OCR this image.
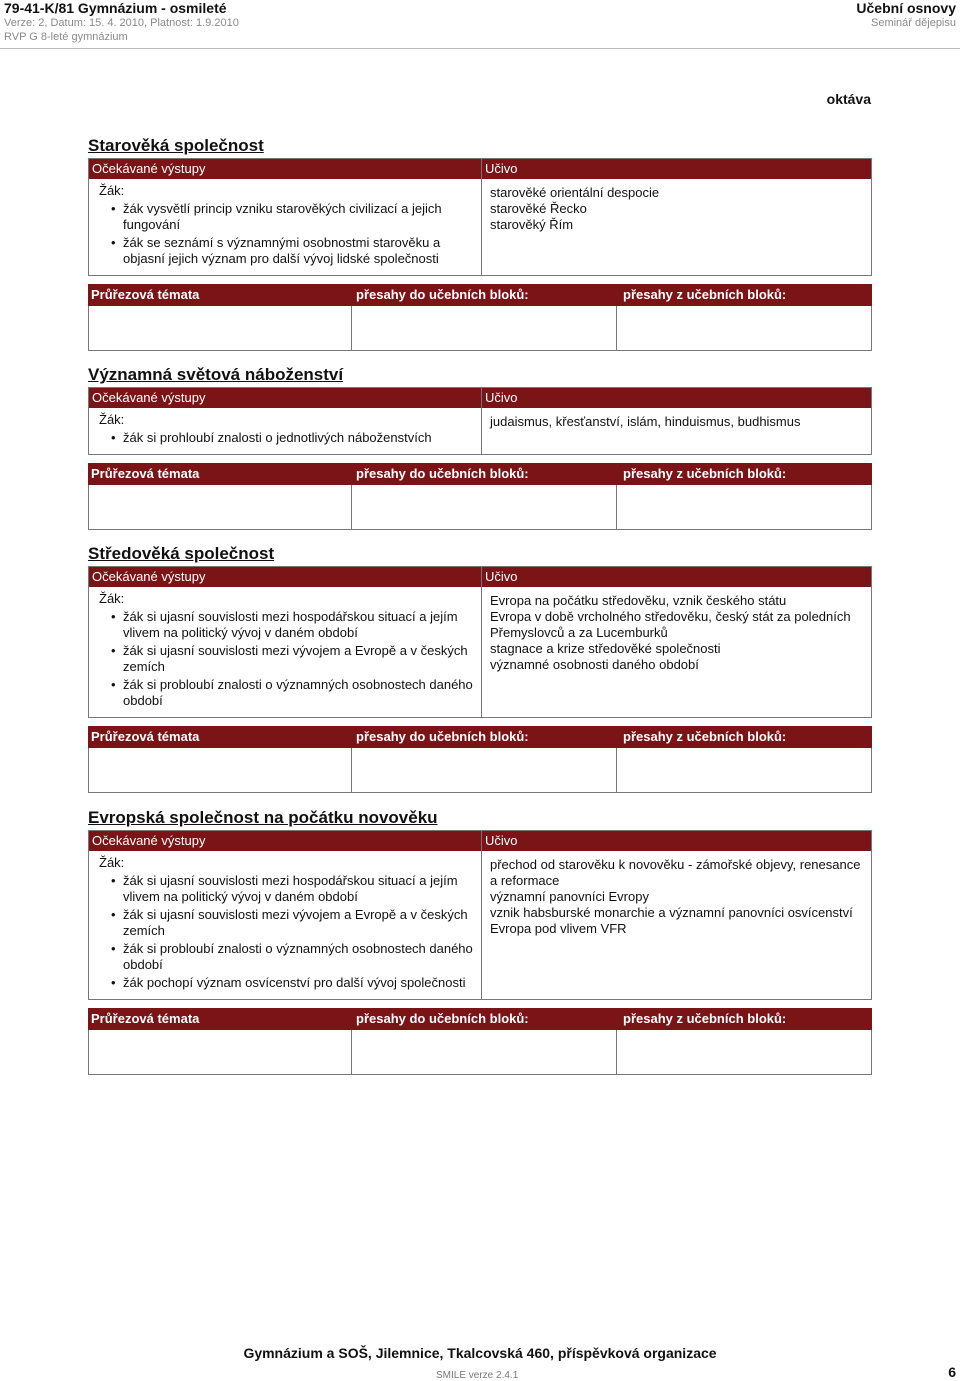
79-41-K/81 Gymnázium - osmileté
Verze: 2, Datum: 15. 4. 2010, Platnost: 1.9.2010
RVP G 8-leté gymnázium
Učební osnovy
Seminář dějepisu
oktáva
Starověká společnost
Očekávané výstupy
Žák:
• žák vysvětlí princip vzniku starověkých civilizací a jejich fungování
• žák se seznámí s významnými osobnostmi starověku a objasní jejich význam pro další vývoj lidské společnosti
Učivo
starověké orientální despocie
starověké Řecko
starověký Řím
Průřezová témata	přesahy do učebních bloků:	přesahy z učebních bloků:
Významná světová náboženství
Očekávané výstupy
Žák:
• žák si prohloubí znalosti o jednotlivých náboženstvích
Učivo
judaismus, křesťanství, islám, hinduismus, budhismus
Průřezová témata	přesahy do učebních bloků:	přesahy z učebních bloků:
Středověká společnost
Očekávané výstupy
Žák:
• žák si ujasní souvislosti mezi hospodářskou situací a jejím vlivem na politický vývoj v daném období
• žák si ujasní souvislosti mezi vývojem a Evropě a v českých zemích
• žák si probloubí znalosti o významných osobnostech daného období
Učivo
Evropa na počátku středověku, vznik českého státu
Evropa v době vrcholného středověku, český stát za poledních Přemyslovců a za Lucemburků
stagnace a krize středověké společnosti
významné osobnosti daného období
Průřezová témata	přesahy do učebních bloků:	přesahy z učebních bloků:
Evropská společnost na počátku novověku
Očekávané výstupy
Žák:
• žák si ujasní souvislosti mezi hospodářskou situací a jejím vlivem na politický vývoj v daném období
• žák si ujasní souvislosti mezi vývojem a Evropě a v českých zemích
• žák si probloubí znalosti o významných osobnostech daného období
• žák pochopí význam osvícenství pro další vývoj společnosti
Učivo
přechod od starověku k novověku - zámořské objevy, renesance a reformace
významní panovníci Evropy
vznik habsburské monarchie a významní panovníci osvícenství
Evropa pod vlivem VFR
Průřezová témata	přesahy do učebních bloků:	přesahy z učebních bloků:
Gymnázium a SOŠ, Jilemnice, Tkalcovská 460, příspěvková organizace
SMILE verze 2.4.1	6
